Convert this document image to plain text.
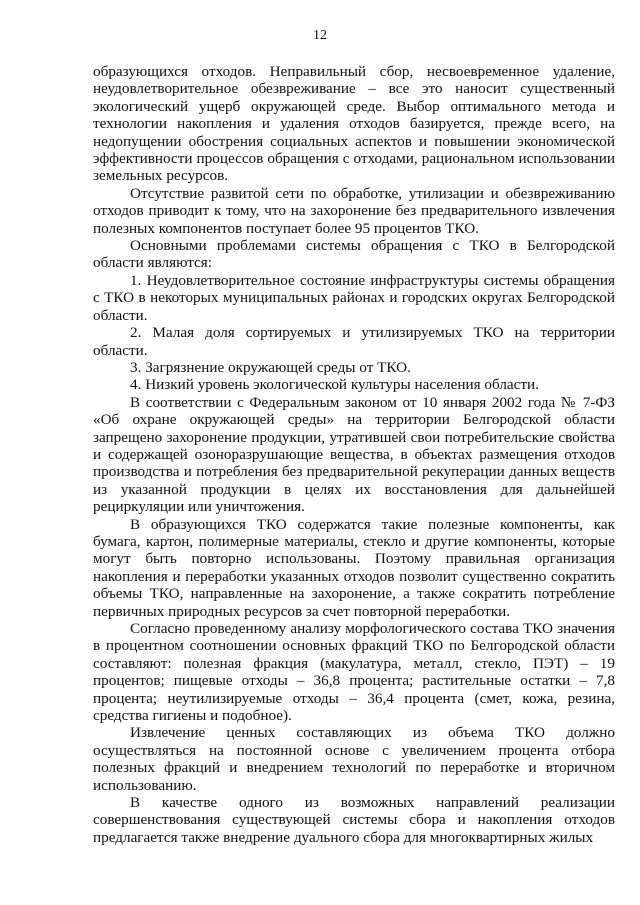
12

образующихся отходов. Неправильный сбор, несвоевременное удаление, неудовлетворительное обезвреживание – все это наносит существенный экологический ущерб окружающей среде. Выбор оптимального метода и технологии накопления и удаления отходов базируется, прежде всего, на недопущении обострения социальных аспектов и повышении экономической эффективности процессов обращения с отходами, рациональном использовании земельных ресурсов.

Отсутствие развитой сети по обработке, утилизации и обезвреживанию отходов приводит к тому, что на захоронение без предварительного извлечения полезных компонентов поступает более 95 процентов ТКО.

Основными проблемами системы обращения с ТКО в Белгородской области являются:

1. Неудовлетворительное состояние инфраструктуры системы обращения с ТКО в некоторых муниципальных районах и городских округах Белгородской области.

2. Малая доля сортируемых и утилизируемых ТКО на территории области.

3. Загрязнение окружающей среды от ТКО.

4. Низкий уровень экологической культуры населения области.

В соответствии с Федеральным законом от 10 января 2002 года № 7-ФЗ «Об охране окружающей среды» на территории Белгородской области запрещено захоронение продукции, утратившей свои потребительские свойства и содержащей озоноразрушающие вещества, в объектах размещения отходов производства и потребления без предварительной рекуперации данных веществ из указанной продукции в целях их восстановления для дальнейшей рециркуляции или уничтожения.

В образующихся ТКО содержатся такие полезные компоненты, как бумага, картон, полимерные материалы, стекло и другие компоненты, которые могут быть повторно использованы. Поэтому правильная организация накопления и переработки указанных отходов позволит существенно сократить объемы ТКО, направленные на захоронение, а также сократить потребление первичных природных ресурсов за счет повторной переработки.

Согласно проведенному анализу морфологического состава ТКО значения в процентном соотношении основных фракций ТКО по Белгородской области составляют: полезная фракция (макулатура, металл, стекло, ПЭТ) – 19 процентов; пищевые отходы – 36,8 процента; растительные остатки – 7,8 процента; неутилизируемые отходы – 36,4 процента (смет, кожа, резина, средства гигиены и подобное).

Извлечение ценных составляющих из объема ТКО должно осуществляться на постоянной основе с увеличением процента отбора полезных фракций и внедрением технологий по переработке и вторичном использованию.

В качестве одного из возможных направлений реализации совершенствования существующей системы сбора и накопления отходов предлагается также внедрение дуального сбора для многоквартирных жилых
